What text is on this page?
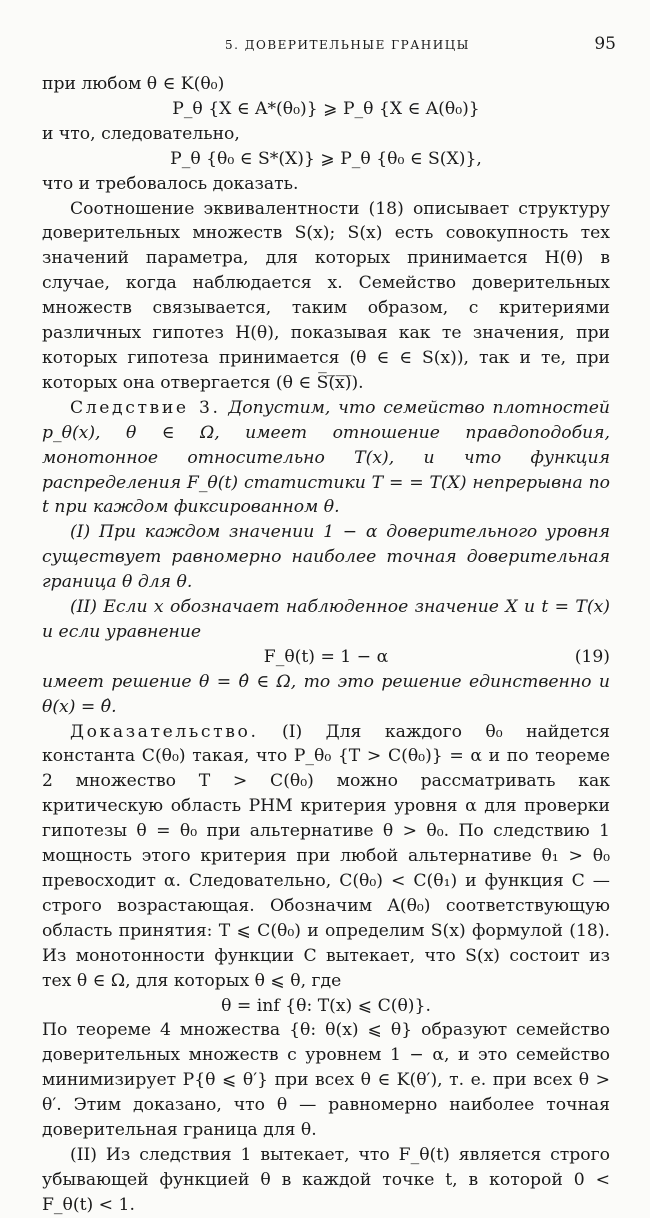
5. ДОВЕРИТЕЛЬНЫЕ ГРАНИЦЫ	95

при любом θ ∈ K(θ₀)

P_θ {X ∈ A*(θ₀)} ⩾ P_θ {X ∈ A(θ₀)}

и что, следовательно,

P_θ {θ₀ ∈ S*(X)} ⩾ P_θ {θ₀ ∈ S(X)},

что и требовалось доказать.

Соотношение эквивалентности (18) описывает структуру доверительных множеств S(x); S(x) есть совокупность тех значений параметра, для которых принимается H(θ) в случае, когда наблюдается x. Семейство доверительных множеств связывается, таким образом, с критериями различных гипотез H(θ), показывая как те значения, при которых гипотеза принимается (θ ∈ ∈ S(x)), так и те, при которых она отвергается (θ ∈ S̅(̅x̅)̅).

Следствие 3. Допустим, что семейство плотностей p_θ(x), θ ∈ Ω, имеет отношение правдоподобия, монотонное относительно T(x), и что функция распределения F_θ(t) статистики T = = T(X) непрерывна по t при каждом фиксированном θ.

(I) При каждом значении 1 − α доверительного уровня существует равномерно наиболее точная доверительная граница θ для θ.

(II) Если x обозначает наблюденное значение X и t = T(x) и если уравнение

F_θ(t) = 1 − α	(19)

имеет решение θ = θ̂ ∈ Ω, то это решение единственно и θ(x) = θ̂.

Доказательство. (I) Для каждого θ₀ найдется константа C(θ₀) такая, что P_θ₀ {T > C(θ₀)} = α и по теореме 2 множество T > C(θ₀) можно рассматривать как критическую область РНМ критерия уровня α для проверки гипотезы θ = θ₀ при альтернативе θ > θ₀. По следствию 1 мощность этого критерия при любой альтернативе θ₁ > θ₀ превосходит α. Следовательно, C(θ₀) < C(θ₁) и функция C — строго возрастающая. Обозначим A(θ₀) соответствующую область принятия: T ⩽ C(θ₀) и определим S(x) формулой (18). Из монотонности функции C вытекает, что S(x) состоит из тех θ ∈ Ω, для которых θ ⩽ θ, где

θ = inf {θ: T(x) ⩽ C(θ)}.

По теореме 4 множества {θ: θ(x) ⩽ θ} образуют семейство доверительных множеств с уровнем 1 − α, и это семейство минимизирует P{θ ⩽ θ′} при всех θ ∈ K(θ′), т. е. при всех θ > θ′. Этим доказано, что θ — равномерно наиболее точная доверительная граница для θ.

(II) Из следствия 1 вытекает, что F_θ(t) является строго убывающей функцией θ в каждой точке t, в которой 0 < F_θ(t) < 1.
